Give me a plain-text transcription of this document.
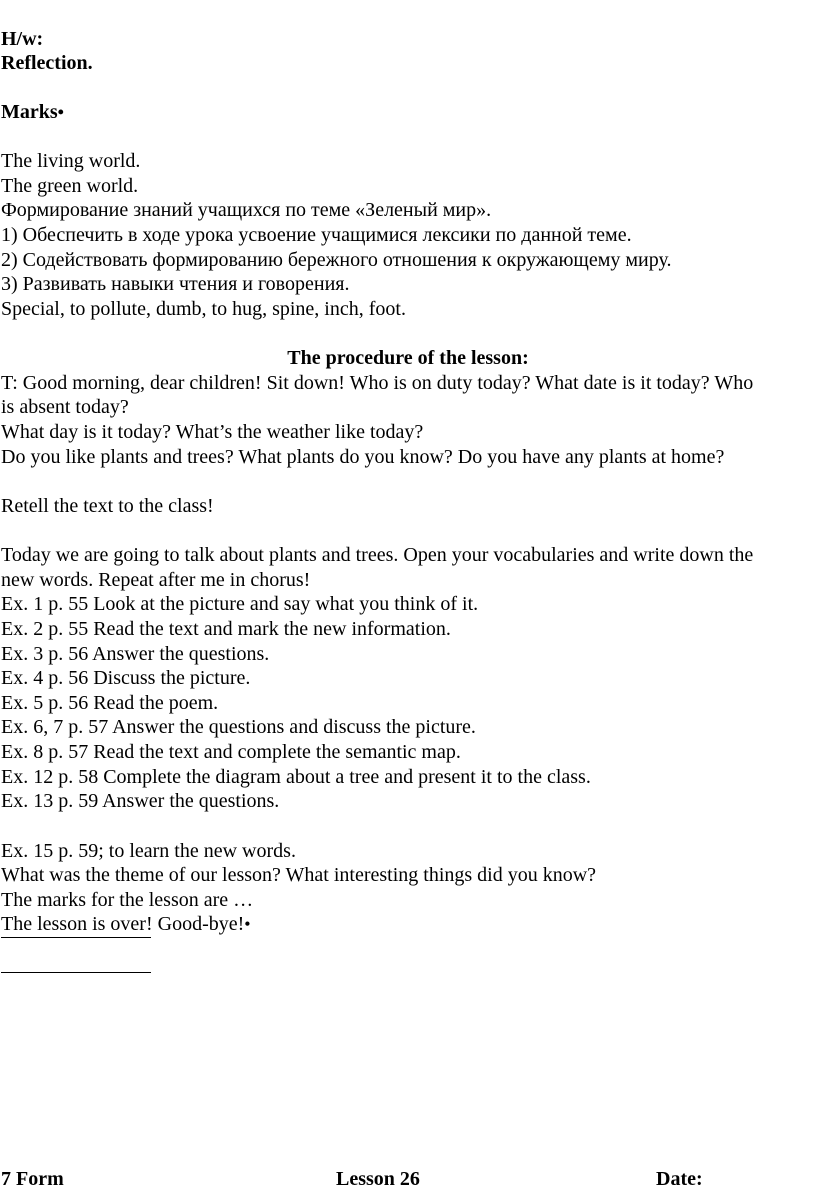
H/w:

Reflection.

Marks•

The living world.

The green world.

Формирование знаний учащихся по теме «Зеленый мир».

1) Обеспечить в ходе урока усвоение учащимися лексики по данной теме.

2) Содействовать формированию бережного отношения к окружающему миру.

3) Развивать навыки чтения и говорения.

Special, to pollute, dumb, to hug, spine, inch, foot.

The procedure of the lesson:

T: Good morning, dear children! Sit down! Who is on duty today? What date is it today? Who

is absent today?

What day is it today? What’s the weather like today?

Do you like plants and trees? What plants do you know? Do you have any plants at home?

Retell the text to the class!

Today we are going to talk about plants and trees. Open your vocabularies and write down the

new words. Repeat after me in chorus!

Ex. 1 p. 55 Look at the picture and say what you think of it.

Ex. 2 p. 55 Read the text and mark the new information.

Ex. 3 p. 56 Answer the questions.

Ex. 4 p. 56 Discuss the picture.

Ex. 5 p. 56 Read the poem.

Ex. 6, 7 p. 57 Answer the questions and discuss the picture.

Ex. 8 p. 57 Read the text and complete the semantic map.

Ex. 12 p. 58 Complete the diagram about a tree and present it to the class.

Ex. 13 p. 59 Answer the questions.

Ex. 15 p. 59; to learn the new words.

What was the theme of our lesson? What interesting things did you know?

The marks for the lesson are …

The lesson is over! Good-bye!•

7 Form	Lesson 26	Date:
